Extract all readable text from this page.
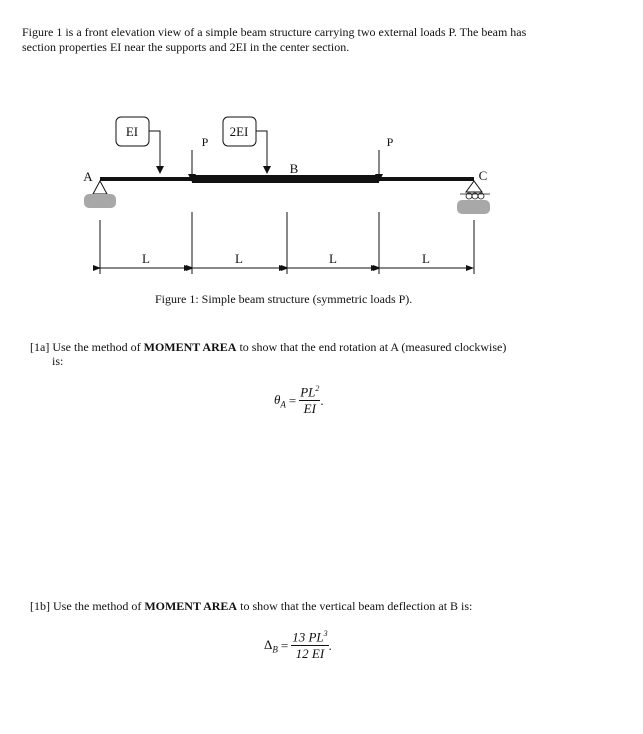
Figure 1 is a front elevation view of a simple beam structure carrying two external loads P. The beam has

section properties EI near the supports and 2EI in the center section.

EI	2EI
P	P
A
B	C
L	L	L	L
Figure 1: Simple beam structure (symmetric loads P).
[1a] Use the method of MOMENT AREA to show that the end rotation at A (measured clockwise)
is:
$\theta_A = \frac{PL^2}{EI}$ .
[1b] Use the method of MOMENT AREA to show that the vertical beam deflection at B is:
$\Delta_B = \frac{13 PL^3}{12 EI}$ .
